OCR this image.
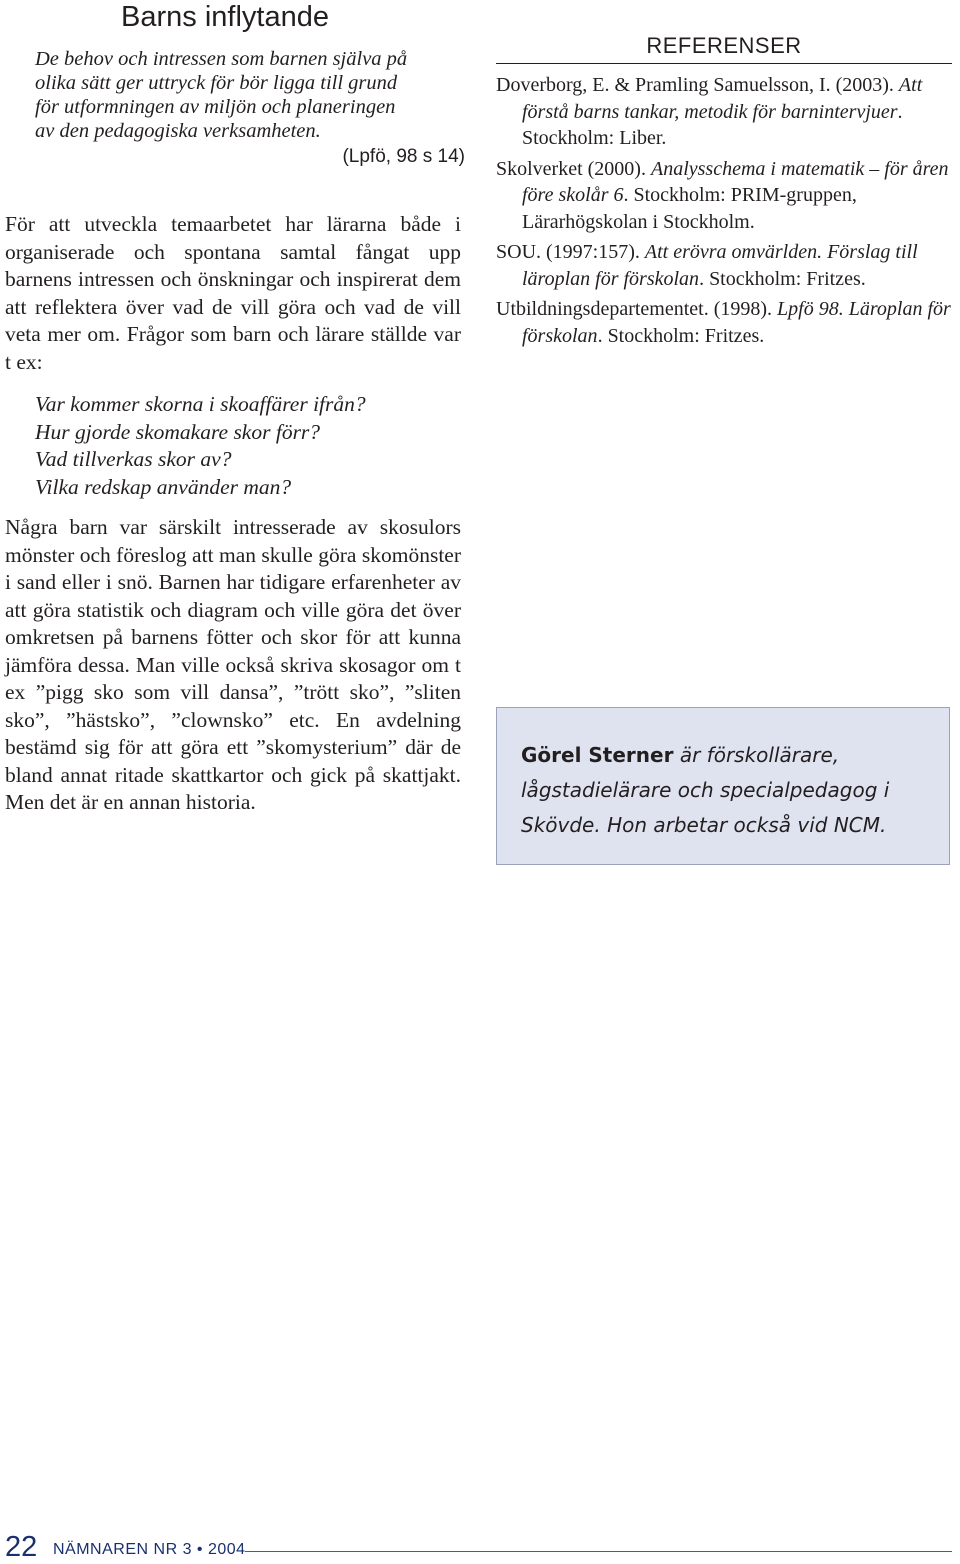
Barns inflytande
De behov och intressen som barnen själva på
olika sätt ger uttryck för bör ligga till grund
för utformningen av miljön och planeringen
av den pedagogiska verksamheten.
(Lpfö, 98 s 14)

För att utveckla temaarbetet har lärarna både i organiserade och spontana samtal fångat upp barnens intressen och önskningar och inspirerat dem att reflektera över vad de vill göra och vad de vill veta mer om. Frågor som barn och lärare ställde var t ex:

Var kommer skorna i skoaffärer ifrån?
Hur gjorde skomakare skor förr?
Vad tillverkas skor av?
Vilka redskap använder man?

Några barn var särskilt intresserade av skosulors mönster och föreslog att man skulle göra skomönster i sand eller i snö. Barnen har tidigare erfarenheter av att göra statistik och diagram och ville göra det över omkretsen på barnens fötter och skor för att kunna jämföra dessa. Man ville också skriva skosagor om t ex ”pigg sko som vill dansa”, ”trött sko”, ”sliten sko”, ”hästsko”, ”clownsko” etc. En avdelning bestämd sig för att göra ett ”skomysterium” där de bland annat ritade skattkartor och gick på skattjakt. Men det är en annan historia.

REFERENSER

Doverborg, E. & Pramling Samuelsson, I. (2003). Att förstå barns tankar, metodik för barnintervjuer. Stockholm: Liber.

Skolverket (2000). Analysschema i matematik – för åren före skolår 6. Stockholm: PRIM-gruppen, Lärarhögskolan i Stockholm.

SOU. (1997:157). Att erövra omvärlden. Förslag till läroplan för förskolan. Stockholm: Fritzes.

Utbildningsdepartementet. (1998). Lpfö 98. Läroplan för förskolan. Stockholm: Fritzes.

Görel Sterner är förskollärare, lågstadielärare och specialpedagog i Skövde. Hon arbetar också vid NCM.
22 NÄMNAREN NR 3 • 2004
